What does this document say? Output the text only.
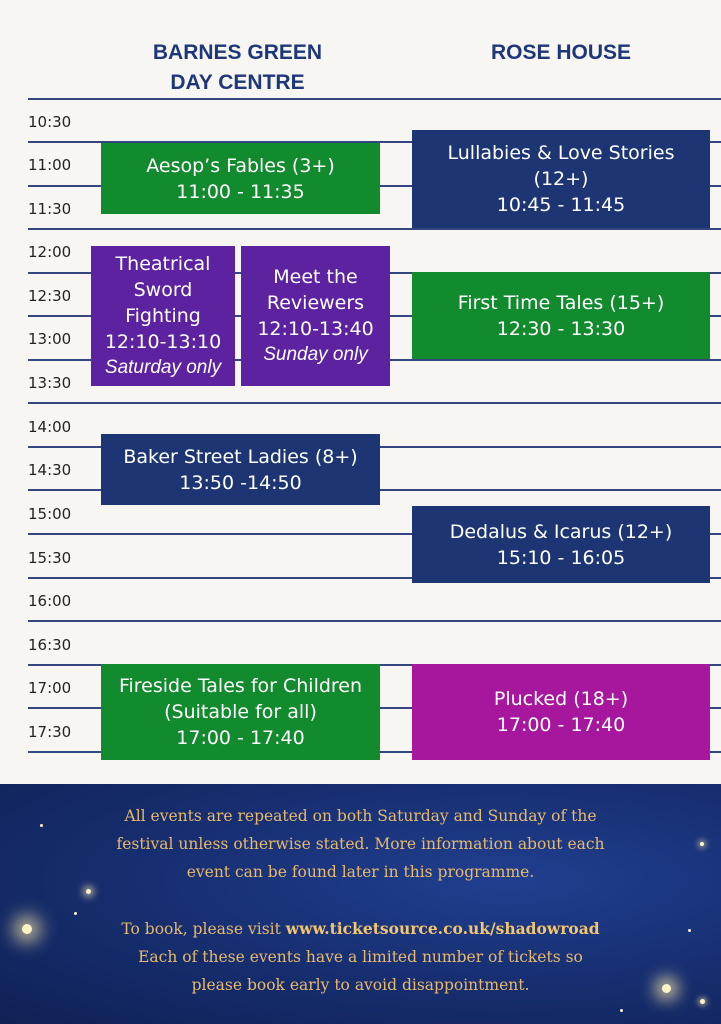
BARNES GREEN
DAY CENTRE
ROSE HOUSE
10:30
11:00
11:30
12:00
12:30
13:00
13:30
14:00
14:30
15:00
15:30
16:00
16:30
17:00
17:30
Aesop’s Fables (3+)
11:00 - 11:35
Theatrical
Sword
Fighting
12:10-13:10
Saturday only
Meet the
Reviewers
12:10-13:40
Sunday only
Baker Street Ladies (8+)
13:50 -14:50
Fireside Tales for Children
(Suitable for all)
17:00 - 17:40
Lullabies & Love Stories
(12+)
10:45 - 11:45
First Time Tales (15+)
12:30 - 13:30
Dedalus & Icarus (12+)
15:10 - 16:05
Plucked (18+)
17:00 - 17:40
All events are repeated on both Saturday and Sunday of the
festival unless otherwise stated. More information about each
event can be found later in this programme.
To book, please visit www.ticketsource.co.uk/shadowroad
Each of these events have a limited number of tickets so
please book early to avoid disappointment.
